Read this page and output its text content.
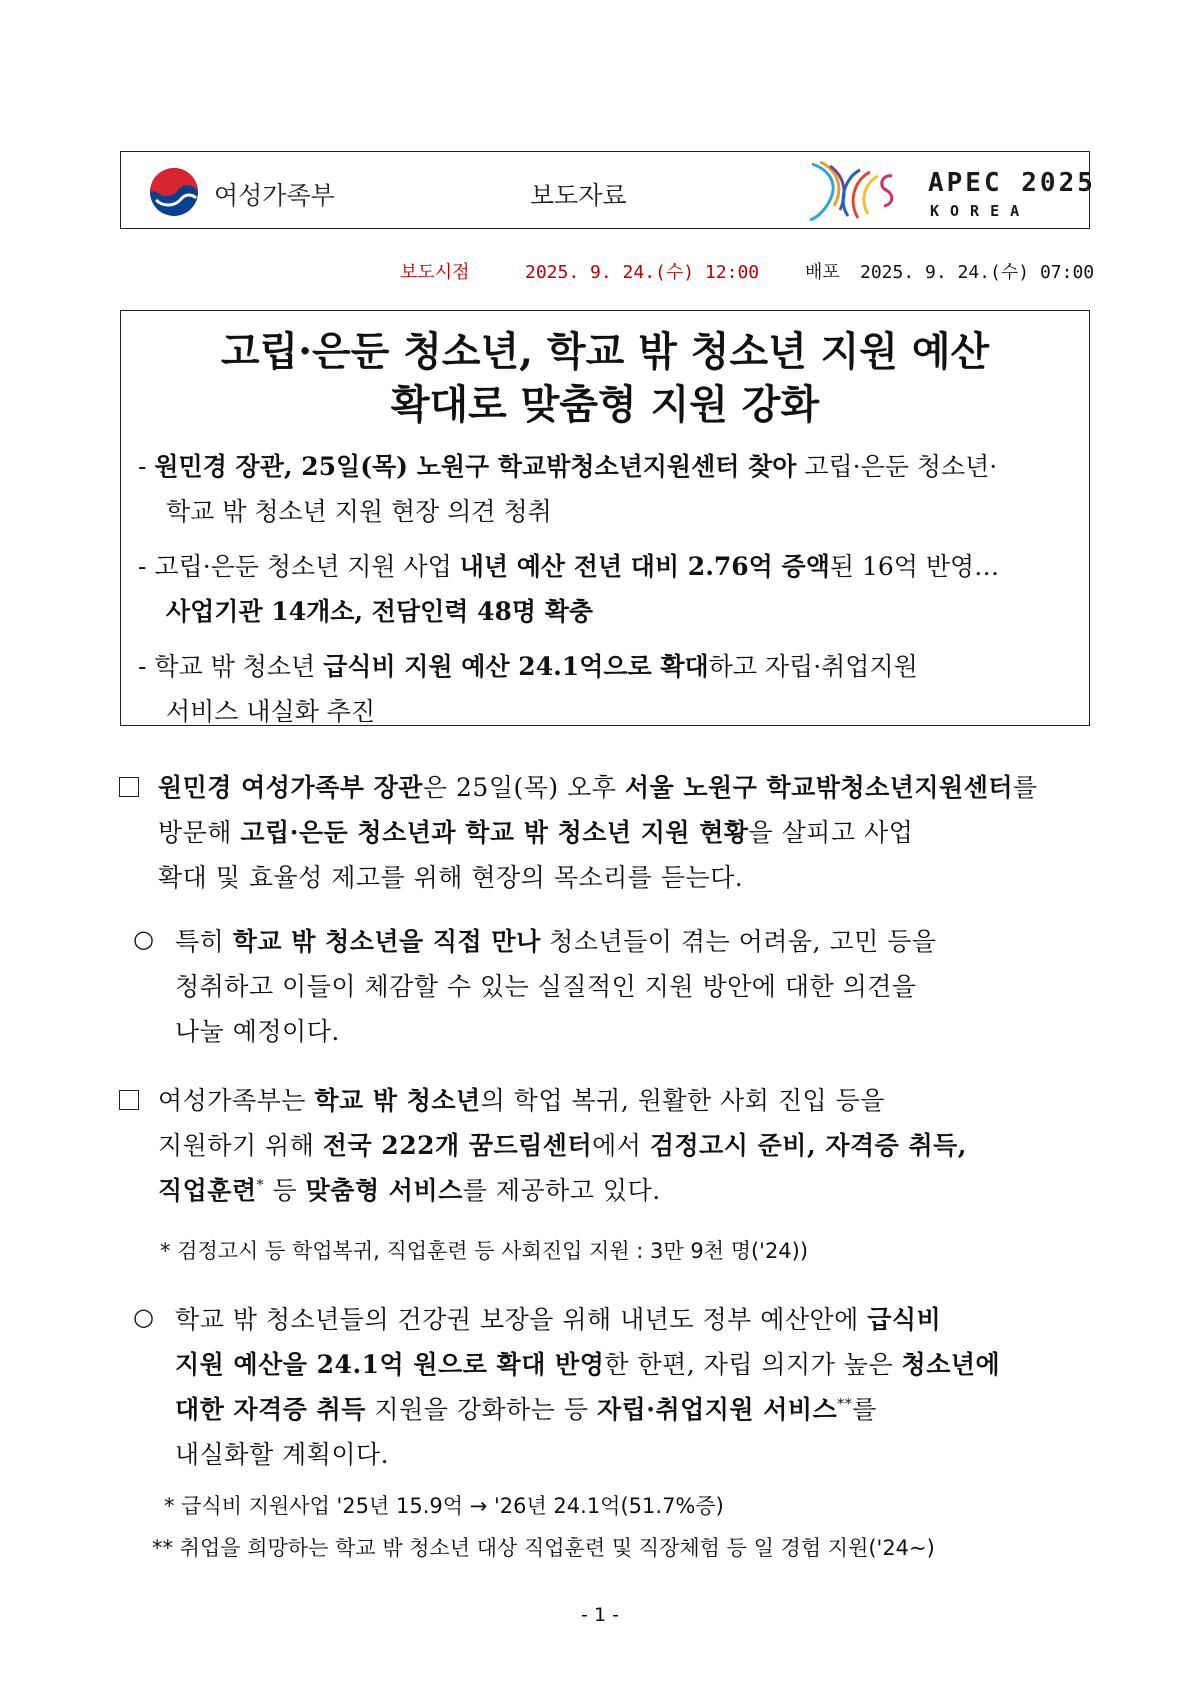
여성가족부	보도자료	APEC 2025
KOREA
보도시점	2025. 9. 24.(수) 12:00	배포 2025. 9. 24.(수) 07:00
고립·은둔 청소년, 학교 밖 청소년 지원 예산
확대로 맞춤형 지원 강화
- 원민경 장관, 25일(목) 노원구 학교밖청소년지원센터 찾아 고립·은둔 청소년·
학교 밖 청소년 지원 현장 의견 청취
- 고립·은둔 청소년 지원 사업 내년 예산 전년 대비 2.76억 증액된 16억 반영…
사업기관 14개소, 전담인력 48명 확충
- 학교 밖 청소년 급식비 지원 예산 24.1억으로 확대하고 자립·취업지원
서비스 내실화 추진
원민경 여성가족부 장관은 25일(목) 오후 서울 노원구 학교밖청소년지원센터를
방문해 고립·은둔 청소년과 학교 밖 청소년 지원 현황을 살피고 사업
확대 및 효율성 제고를 위해 현장의 목소리를 듣는다.
○ 특히 학교 밖 청소년을 직접 만나 청소년들이 겪는 어려움, 고민 등을
청취하고 이들이 체감할 수 있는 실질적인 지원 방안에 대한 의견을
나눌 예정이다.
여성가족부는 학교 밖 청소년의 학업 복귀, 원활한 사회 진입 등을
지원하기 위해 전국 222개 꿈드림센터에서 검정고시 준비, 자격증 취득,
직업훈련* 등 맞춤형 서비스를 제공하고 있다.
* 검정고시 등 학업복귀, 직업훈련 등 사회진입 지원 : 3만 9천 명('24))
○ 학교 밖 청소년들의 건강권 보장을 위해 내년도 정부 예산안에 급식비
지원 예산을 24.1억 원으로 확대 반영한 한편, 자립 의지가 높은 청소년에
대한 자격증 취득 지원을 강화하는 등 자립·취업지원 서비스**를
내실화할 계획이다.
* 급식비 지원사업 '25년 15.9억 → '26년 24.1억(51.7%증)
** 취업을 희망하는 학교 밖 청소년 대상 직업훈련 및 직장체험 등 일 경험 지원('24~)
- 1 -
